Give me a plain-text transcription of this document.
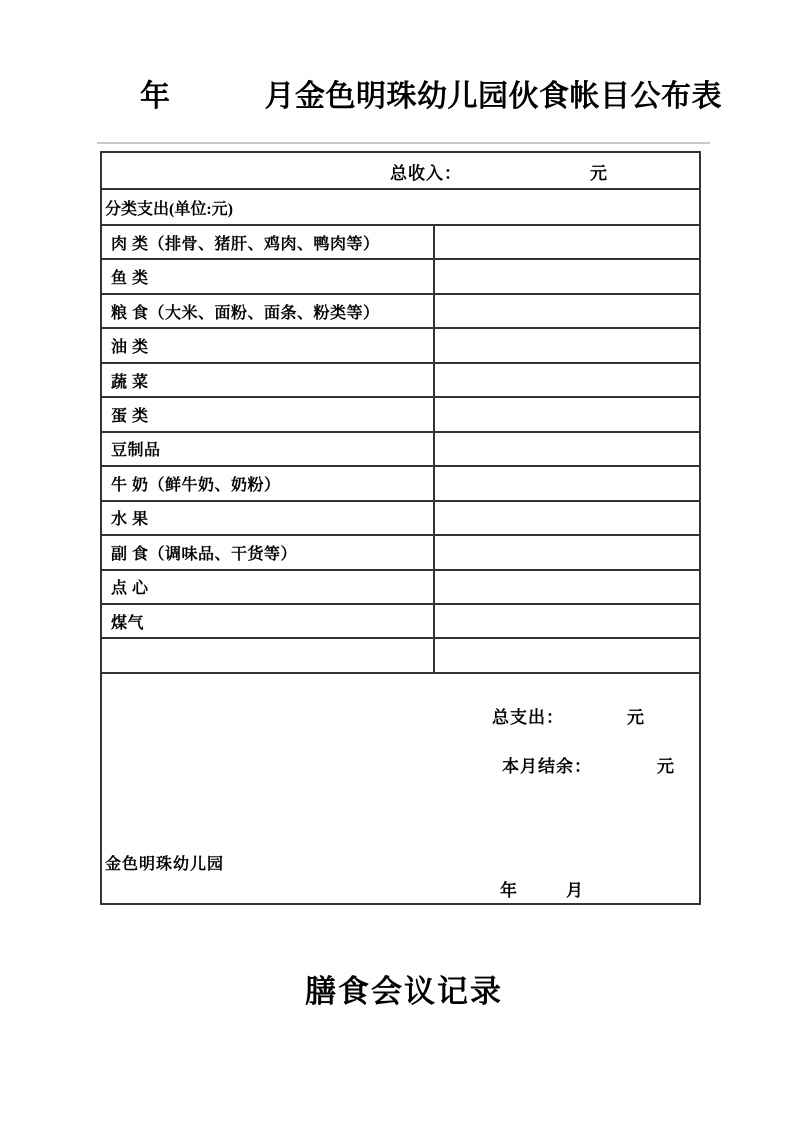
年	月金色明珠幼儿园伙食帐目公布表
总收入：	元
分类支出(单位:元)
肉 类（排骨、猪肝、鸡肉、鸭肉等）
鱼 类
粮 食（大米、面粉、面条、粉类等）
油 类
蔬 菜
蛋 类
豆制品
牛 奶（鲜牛奶、奶粉）
水 果
副 食（调味品、干货等）
点 心
煤气
总支出：	元
本月结余：	元
金色明珠幼儿园
年	月
膳食会议记录
